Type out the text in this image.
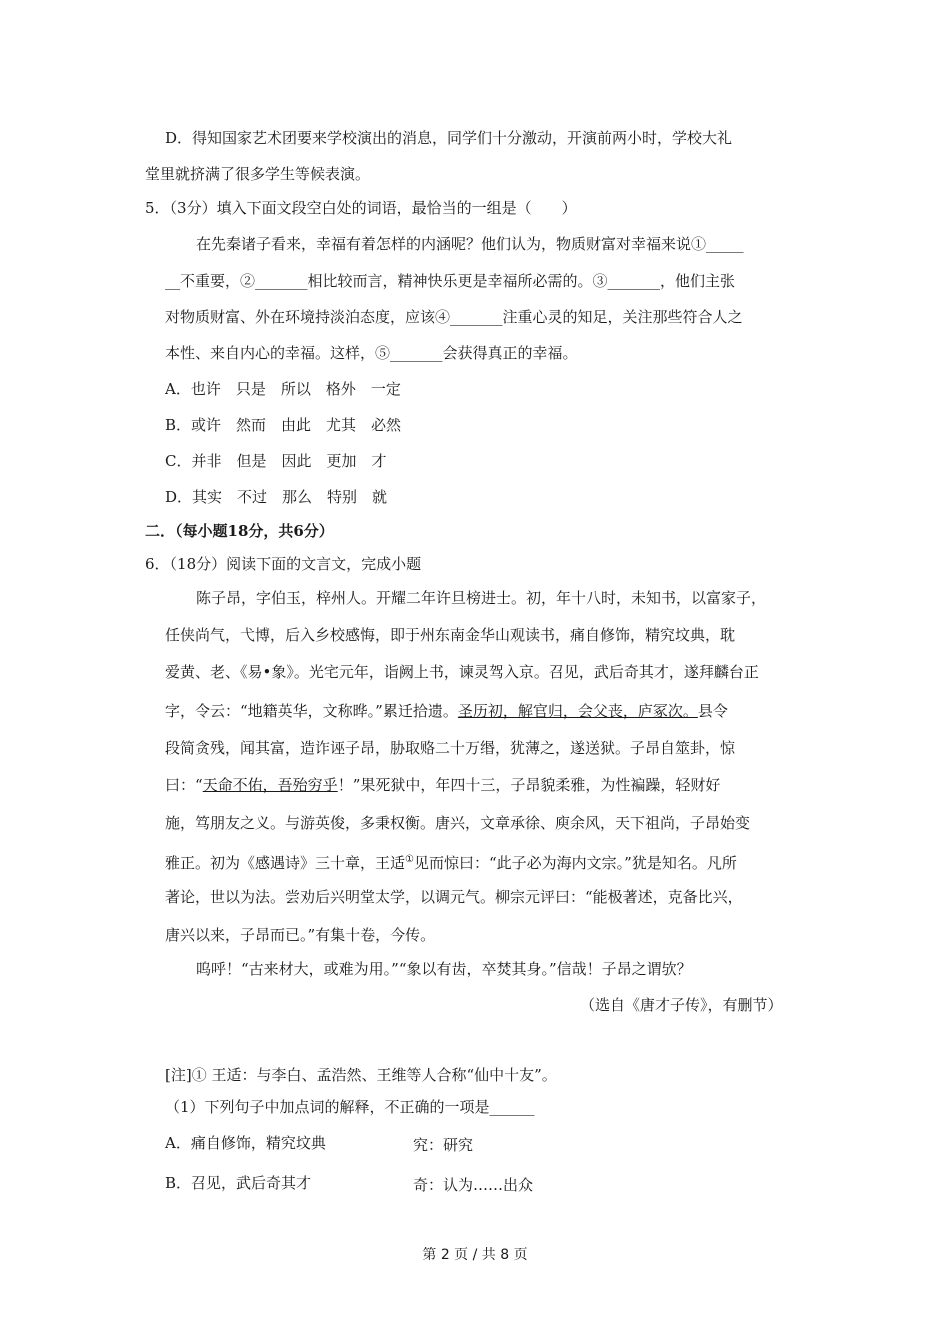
D．得知国家艺术团要来学校演出的消息，同学们十分激动，开演前两小时，学校大礼
堂里就挤满了很多学生等候表演。
5．（3分）填入下面文段空白处的词语，最恰当的一组是（　　）
在先秦诸子看来，幸福有着怎样的内涵呢？他们认为，物质财富对幸福来说①_____
__不重要，②_______相比较而言，精神快乐更是幸福所必需的。③_______，他们主张
对物质财富、外在环境持淡泊态度，应该④_______注重心灵的知足，关注那些符合人之
本性、来自内心的幸福。这样，⑤_______会获得真正的幸福。
A．也许　只是　所以　格外　一定
B．或许　然而　由此　尤其　必然
C．并非　但是　因此　更加　才
D．其实　不过　那么　特别　就
二．（每小题18分，共6分）
6．（18分）阅读下面的文言文，完成小题
陈子昂，字伯玉，梓州人。开耀二年许旦榜进士。初，年十八时，未知书，以富家子，
任侠尚气，弋博，后入乡校感悔，即于州东南金华山观读书，痛自修饰，精究坟典，耽
爱黄、老、《易•象》。光宅元年，诣阙上书，谏灵驾入京。召见，武后奇其才，遂拜麟台正
字，令云：“地籍英华，文称晔。”累迁拾遗。圣历初，解官归，会父丧，庐冢次。县令
段简贪残，闻其富，造诈诬子昂，胁取赂二十万缗，犹薄之，遂送狱。子昂自筮卦，惊
曰：“天命不佑，吾殆穷乎！”果死狱中，年四十三，子昂貌柔雅，为性褊躁，轻财好
施，笃朋友之义。与游英俊，多秉权衡。唐兴，文章承徐、庾余风，天下祖尚，子昂始变
雅正。初为《感遇诗》三十章，王适①见而惊曰：“此子必为海内文宗。”犹是知名。凡所
著论，世以为法。尝劝后兴明堂太学，以调元气。柳宗元评曰：“能极著述，克备比兴，
唐兴以来，子昂而已。”有集十卷，今传。
呜呼！“古来材大，或难为用。”“象以有齿，卒焚其身。”信哉！子昂之谓欤？
（选自《唐才子传》，有删节）
[注]① 王适：与李白、孟浩然、王维等人合称“仙中十友”。
（1）下列句子中加点词的解释，不正确的一项是______
A．痛自修饰，精究坟典	究：研究
B．召见，武后奇其才	奇：认为……出众
第 2 页 / 共 8 页
